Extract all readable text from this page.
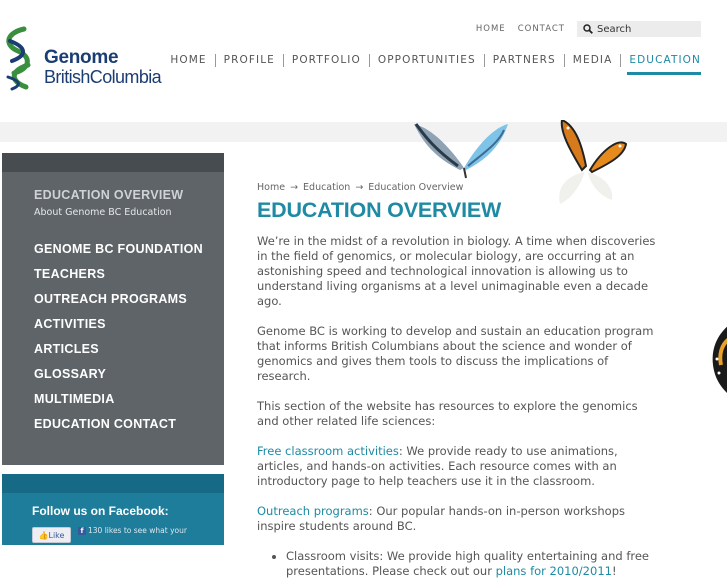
Genome
BritishColumbia
HOME CONTACT	Search
HOME	PROFILE	PORTFOLIO	OPPORTUNITIES	PARTNERS	MEDIA	EDUCATION
EDUCATION OVERVIEW
About Genome BC Education
GENOME BC FOUNDATION
TEACHERS
OUTREACH PROGRAMS
ACTIVITIES
ARTICLES
GLOSSARY
MULTIMEDIA
EDUCATION CONTACT
Follow us on Facebook:
👍Like	f 130 likes to see what your
Home → Education → Education Overview
EDUCATION OVERVIEW

We’re in the midst of a revolution in biology. A time when discoveries in the field of genomics, or molecular biology, are occurring at an astonishing speed and technological innovation is allowing us to understand living organisms at a level unimaginable even a decade ago.

Genome BC is working to develop and sustain an education program that informs British Columbians about the science and wonder of genomics and gives them tools to discuss the implications of research.

This section of the website has resources to explore the genomics and other related life sciences:

Free classroom activities: We provide ready to use animations, articles, and hands-on activities. Each resource comes with an introductory page to help teachers use it in the classroom.

Outreach programs: Our popular hands-on in-person workshops inspire students around BC.

• Classroom visits: We provide high quality entertaining and free presentations. Please check out our plans for 2010/2011!
